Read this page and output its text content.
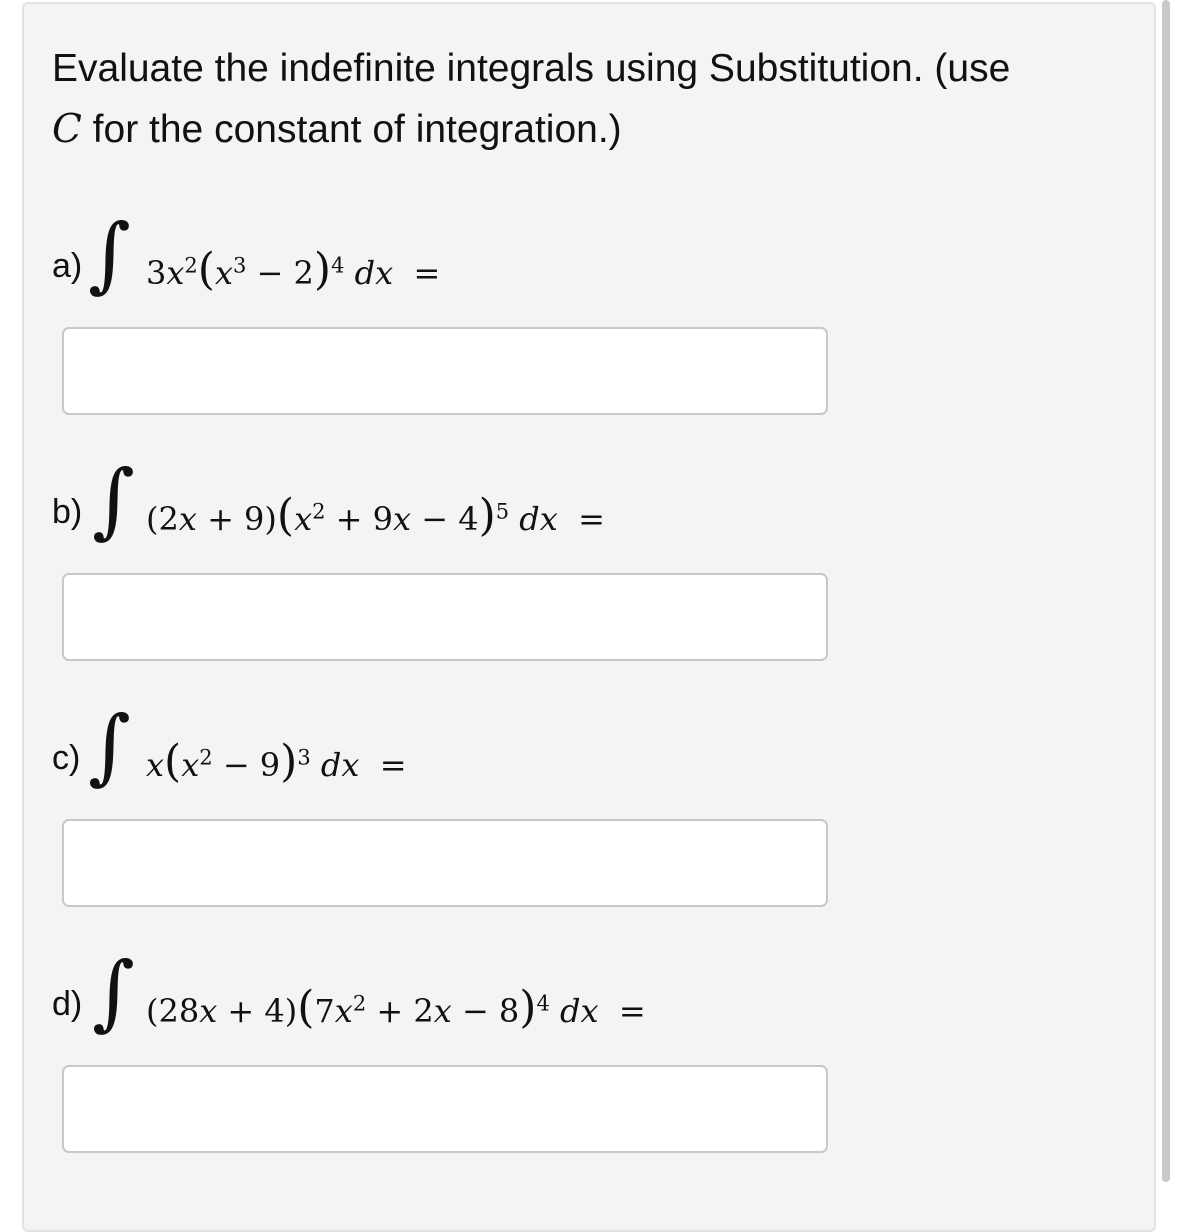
Evaluate the indefinite integrals using Substitution. (use
C for the constant of integration.)
a) ∫ $3x^2(x^3 - 2)^4$ dx  =
b) ∫ $(2x + 9)(x^2 + 9x - 4)^5$ dx  =
c) ∫ $x(x^2 - 9)^3$ dx  =
d) ∫ $(28x + 4)(7x^2 + 2x - 8)^4$ dx  =
